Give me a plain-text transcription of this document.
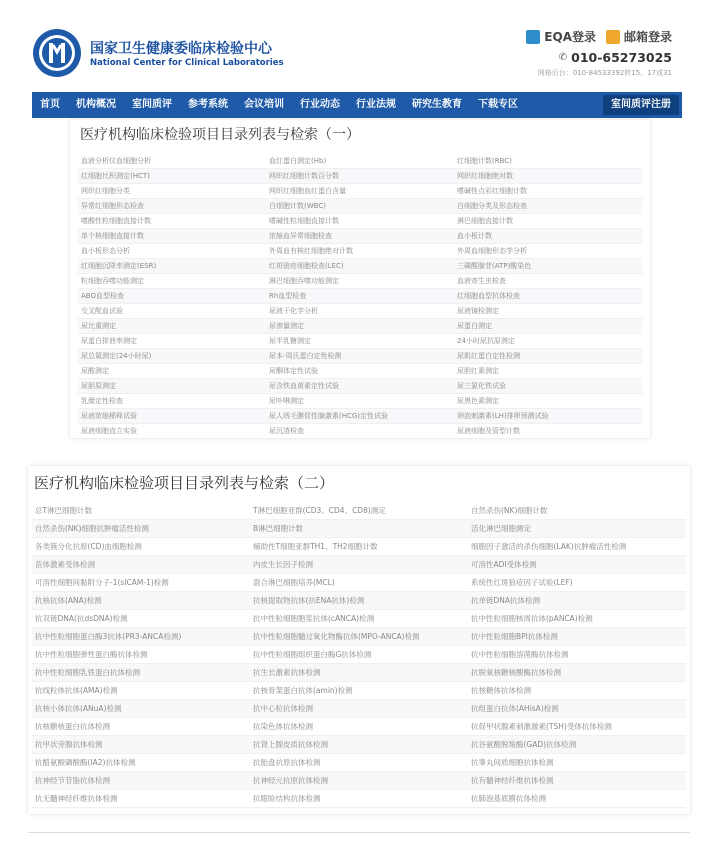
国家卫生健康委临床检验中心
National Center for Clinical Laboratories
EQA登录 邮箱登录
✆ 010-65273025
网格后台：010-84533392转15、17或31
首页	机构概况	室间质评	参考系统	会议培训	行业动态	行业法规	研究生教育	下载专区	室间质评注册
医疗机构临床检验项目目录列表与检索（一）
血液分析仪血细胞分析	血红蛋白测定(Hb)	红细胞计数(RBC)
红细胞比积测定(HCT)	网织红细胞计数百分数	网织红细胞绝对数
网织红细胞分类	网织红细胞血红蛋白含量	嗜碱性点彩红细胞计数
异常红细胞形态检查	白细胞计数(WBC)	白细胞分类及形态检查
嗜酸性粒细胞直接计数	嗜碱性粒细胞直接计数	淋巴细胞直接计数
单个核细胞直接计数	浓缩血异常细胞检查	血小板计数
血小板形态分析	外周血有核红细胞绝对计数	外周血细胞形态学分析
红细胞沉降率测定(ESR)	红斑狼疮细胞检查(LEC)	三磷酸腺苷(ATP)酸染色
粒细胞吞噬功能测定	淋巴细胞吞噬功能测定	血液寄生虫检查
ABO血型检查	Rh血型检查	红细胞血型抗体检查
交叉配血试验	尿液干化学分析	尿液镜检测定
尿比重测定	尿渗量测定	尿蛋白测定
尿蛋白排泄率测定	尿半乳糖测定	24小时尿抗原测定
尿总氮测定(24小时尿)	尿本-周氏蛋白定性检测	尿肌红蛋白定性检测
尿酸测定	尿酮体定性试验	尿胆红素测定
尿胆原测定	尿含铁血黄素定性试验	尿三氯化铁试验
乳糜定性检查	尿卟啉测定	尿黑色素测定
尿液浓缩稀释试验	尿人绒毛膜促性腺激素(HCG)定性试验	卵泡刺激素(LH)排卵预测试验
尿液细胞直立实验	尿沉渣检查	尿液细胞及管型计数
医疗机构临床检验项目目录列表与检索（二）
总T淋巴细胞计数	T淋巴细胞亚群(CD3、CD4、CD8)测定	自然杀伤(NK)细胞计数
自然杀伤(NK)细胞抗肿瘤活性检测	B淋巴细胞计数	活化淋巴细胞测定
各类簇分化抗原(CD)血细胞检测	辅助性T细胞亚群TH1、TH2细胞计数	细胞因子激活的杀伤细胞(LAK)抗肿瘤活性检测
苗体激素受体检测	内皮生长因子检测	可溶性ADI受体检测
可溶性细胞间黏附分子-1(sICAM-1)检测	混合淋巴细胞培养(MCL)	系统性红斑狼疮因子试验(LEF)
抗核抗体(ANA)检测	抗核提取物抗体(抗ENA抗体)检测	抗单链DNA抗体检测
抗双链DNA(抗dsDNA)检测	抗中性粒细胞胞浆抗体(cANCA)检测	抗中性粒细胞核周抗体(pANCA)检测
抗中性粒细胞蛋白酶3抗体(PR3-ANCA检测)	抗中性粒细胞髓过氧化物酶抗体(MPO-ANCA)检测	抗中性粒细胞BPI抗体检测
抗中性粒细胞弹性蛋白酶抗体检测	抗中性粒细胞组织蛋白酶G抗体检测	抗中性粒细胞溶菌酶抗体检测
抗中性粒细胞乳铁蛋白抗体检测	抗生长激素抗体检测	抗脱氧核糖核酸酶抗体检测
抗线粒体抗体(AMA)检测	抗核骨架蛋白抗体(amin)检测	抗核糖体抗体检测
抗核小体抗体(ANuA)检测	抗中心粒抗体检测	抗组蛋白抗体(AHisA)检测
抗核糖核蛋白抗体检测	抗染色体抗体检测	抗促甲状腺素刺激激素(TSH)受体抗体检测
抗甲状旁腺抗体检测	抗肾上腺皮质抗体检测	抗谷氨酸脱羧酶(GAD)抗体检测
抗酪氨酸磷酸酶(IA2)抗体检测	抗胎盘抗原抗体检测	抗睾丸间质细胞抗体检测
抗神经节苷脂抗体检测	抗神经元抗原抗体检测	抗有髓神经纤维抗体检测
抗无髓神经纤维抗体检测	抗眼睑结构抗体检测	抗肺泡基底膜抗体检测
